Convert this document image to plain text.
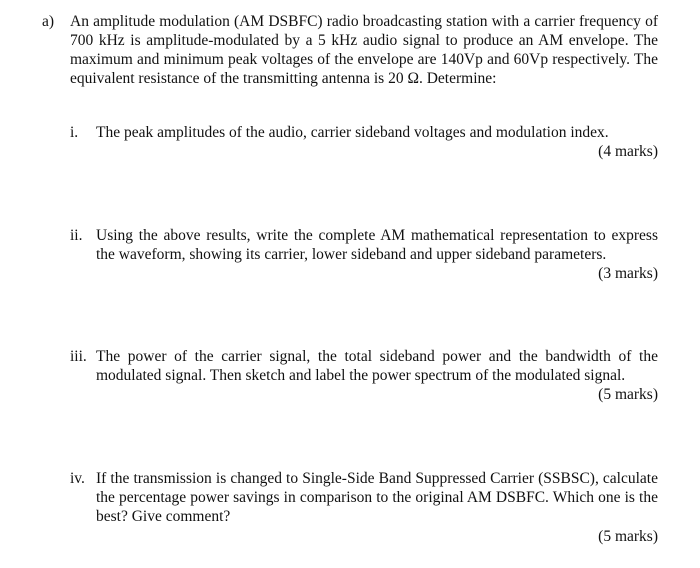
a) An amplitude modulation (AM DSBFC) radio broadcasting station with a carrier frequency of 700 kHz is amplitude-modulated by a 5 kHz audio signal to produce an AM envelope. The maximum and minimum peak voltages of the envelope are 140Vp and 60Vp respectively. The equivalent resistance of the transmitting antenna is 20 Ω. Determine:
i. The peak amplitudes of the audio, carrier sideband voltages and modulation index.
(4 marks)
ii. Using the above results, write the complete AM mathematical representation to express the waveform, showing its carrier, lower sideband and upper sideband parameters.
(3 marks)
iii. The power of the carrier signal, the total sideband power and the bandwidth of the modulated signal. Then sketch and label the power spectrum of the modulated signal.
(5 marks)
iv. If the transmission is changed to Single-Side Band Suppressed Carrier (SSBSC), calculate the percentage power savings in comparison to the original AM DSBFC. Which one is the best? Give comment?
(5 marks)
